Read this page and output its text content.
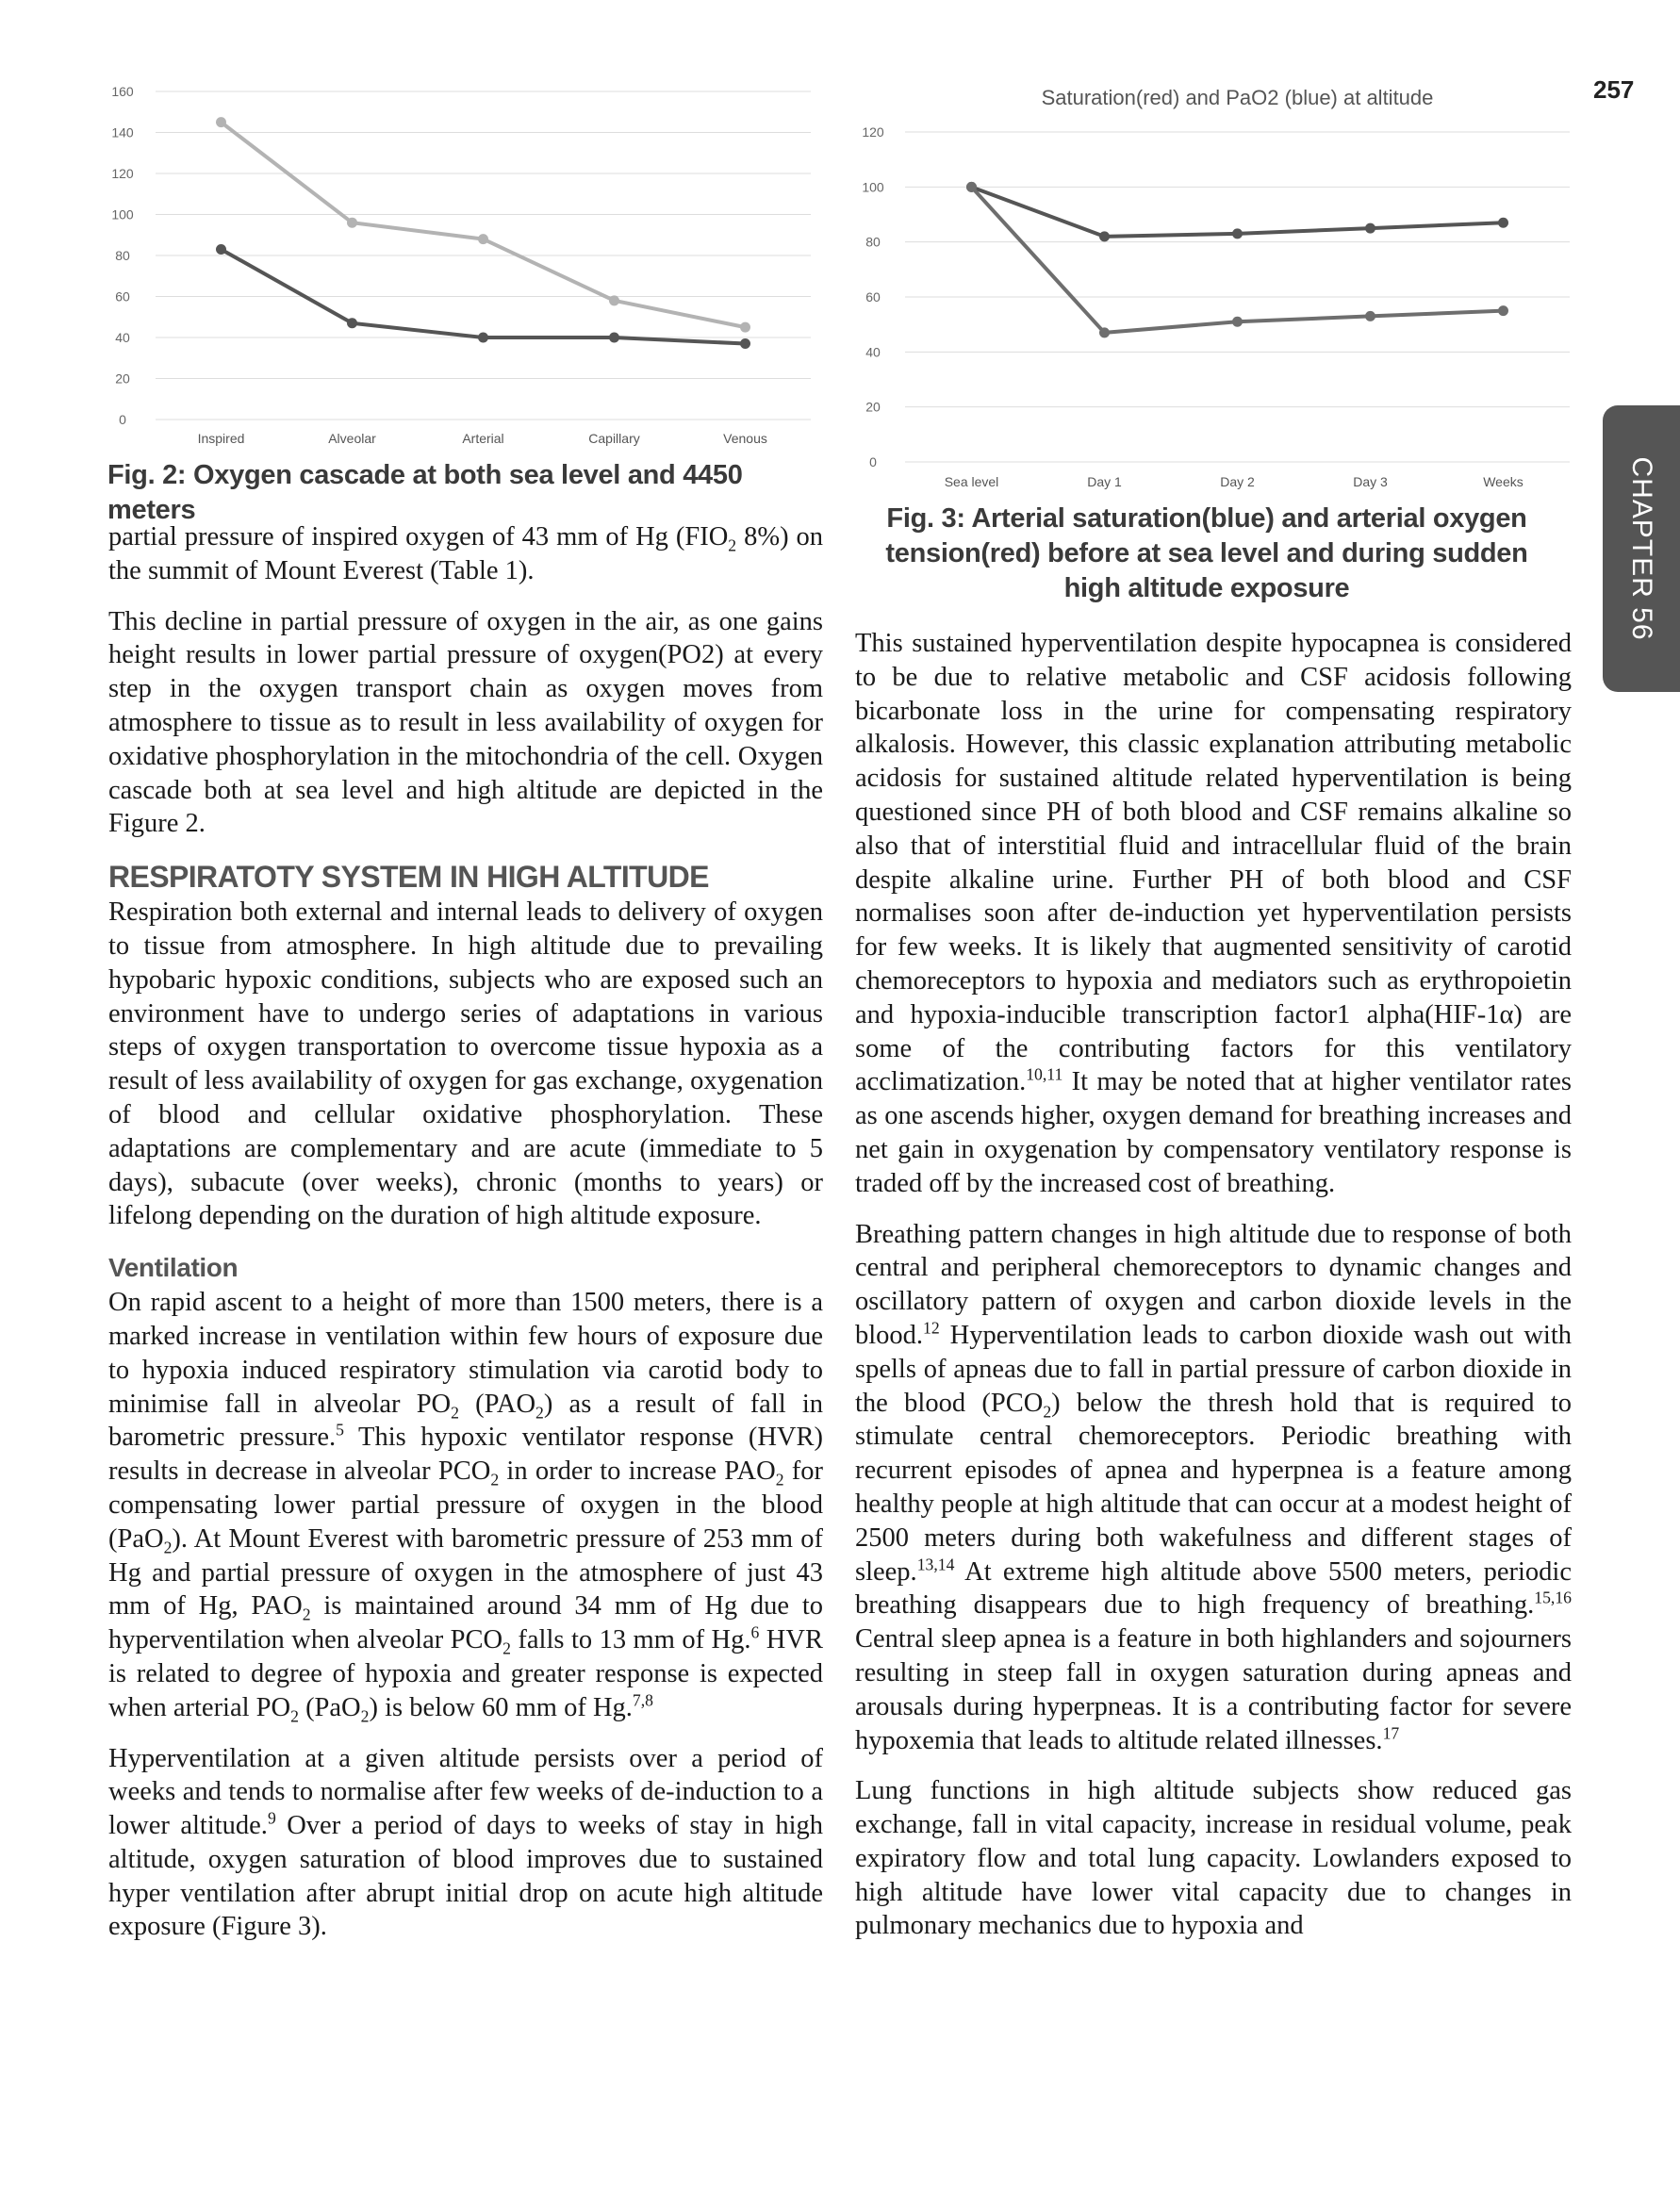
257
CHAPTER 56
0
20
40
60
80
100
120
140
160
Inspired	Alveolar	Arterial	Capillary	Venous
Fig. 2: Oxygen cascade at both sea level and 4450 meters
Saturation(red) and PaO2 (blue) at altitude
0
20
40
60
80
100
120
Sea level	Day 1	Day 2	Day 3	Weeks
Fig. 3: Arterial saturation(blue) and arterial oxygen tension(red) before at sea level and during sudden high altitude exposure

partial pressure of inspired oxygen of 43 mm of Hg ($FIO_2$ 8%) on the summit of Mount Everest (Table 1).

This decline in partial pressure of oxygen in the air, as one gains height results in lower partial pressure of oxygen(PO2) at every step in the oxygen transport chain as oxygen moves from atmosphere to tissue as to result in less availability of oxygen for oxidative phosphorylation in the mitochondria of the cell. Oxygen cascade both at sea level and high altitude are depicted in the Figure 2.

RESPIRATOTY SYSTEM IN HIGH ALTITUDE

Respiration both external and internal leads to delivery of oxygen to tissue from atmosphere. In high altitude due to prevailing hypobaric hypoxic conditions, subjects who are exposed such an environment have to undergo series of adaptations in various steps of oxygen transportation to overcome tissue hypoxia as a result of less availability of oxygen for gas exchange, oxygenation of blood and cellular oxidative phosphorylation. These adaptations are complementary and are acute (immediate to 5 days), subacute (over weeks), chronic (months to years) or lifelong depending on the duration of high altitude exposure.

Ventilation

On rapid ascent to a height of more than 1500 meters, there is a marked increase in ventilation within few hours of exposure due to hypoxia induced respiratory stimulation via carotid body to minimise fall in alveolar $PO_2$ $(PAO_2)$ as a result of fall in barometric pressure.$^5$ This hypoxic ventilator response (HVR) results in decrease in alveolar $PCO_2$ in order to increase $PAO_2$ for compensating lower partial pressure of oxygen in the blood (PaO$_2$). At Mount Everest with barometric pressure of 253 mm of Hg and partial pressure of oxygen in the atmosphere of just 43 mm of Hg, $PAO_2$ is maintained around 34 mm of Hg due to hyperventilation when alveolar $PCO_2$ falls to 13 mm of Hg.$^6$ HVR is related to degree of hypoxia and greater response is expected when arterial $PO_2$ (PaO$_2$) is below 60 mm of Hg.$^{7,8}$

Hyperventilation at a given altitude persists over a period of weeks and tends to normalise after few weeks of de-induction to a lower altitude.$^9$ Over a period of days to weeks of stay in high altitude, oxygen saturation of blood improves due to sustained hyper ventilation after abrupt initial drop on acute high altitude exposure (Figure 3).

This sustained hyperventilation despite hypocapnea is considered to be due to relative metabolic and CSF acidosis following bicarbonate loss in the urine for compensating respiratory alkalosis. However, this classic explanation attributing metabolic acidosis for sustained altitude related hyperventilation is being questioned since PH of both blood and CSF remains alkaline so also that of interstitial fluid and intracellular fluid of the brain despite alkaline urine. Further PH of both blood and CSF normalises soon after de-induction yet hyperventilation persists for few weeks. It is likely that augmented sensitivity of carotid chemoreceptors to hypoxia and mediators such as erythropoietin and hypoxia-inducible transcription factor1 alpha(HIF-1α) are some of the contributing factors for this ventilatory acclimatization.$^{10,11}$ It may be noted that at higher ventilator rates as one ascends higher, oxygen demand for breathing increases and net gain in oxygenation by compensatory ventilatory response is traded off by the increased cost of breathing.

Breathing pattern changes in high altitude due to response of both central and peripheral chemoreceptors to dynamic changes and oscillatory pattern of oxygen and carbon dioxide levels in the blood.$^{12}$ Hyperventilation leads to carbon dioxide wash out with spells of apneas due to fall in partial pressure of carbon dioxide in the blood $(PCO_2)$ below the thresh hold that is required to stimulate central chemoreceptors. Periodic breathing with recurrent episodes of apnea and hyperpnea is a feature among healthy people at high altitude that can occur at a modest height of 2500 meters during both wakefulness and different stages of sleep.$^{13,14}$ At extreme high altitude above 5500 meters, periodic breathing disappears due to high frequency of breathing.$^{15,16}$ Central sleep apnea is a feature in both highlanders and sojourners resulting in steep fall in oxygen saturation during apneas and arousals during hyperpneas. It is a contributing factor for severe hypoxemia that leads to altitude related illnesses.$^{17}$

Lung functions in high altitude subjects show reduced gas exchange, fall in vital capacity, increase in residual volume, peak expiratory flow and total lung capacity. Lowlanders exposed to high altitude have lower vital capacity due to changes in pulmonary mechanics due to hypoxia and
